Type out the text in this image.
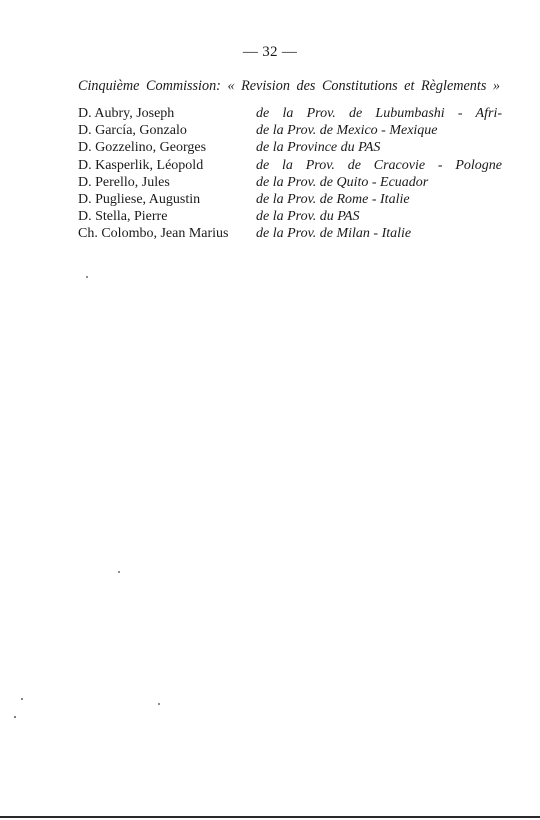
— 32 —
Cinquième Commission: « Revision des Constitutions et Règlements »
D. Aubry, Joseph	de la Prov. de Lubumbashi - Afri-
D. García, Gonzalo	de la Prov. de Mexico - Mexique
D. Gozzelino, Georges	de la Province du PAS
D. Kasperlik, Léopold	de la Prov. de Cracovie - Pologne
D. Perello, Jules	de la Prov. de Quito - Ecuador
D. Pugliese, Augustin	de la Prov. de Rome - Italie
D. Stella, Pierre	de la Prov. du PAS
Ch. Colombo, Jean Marius de la Prov. de Milan - Italie
